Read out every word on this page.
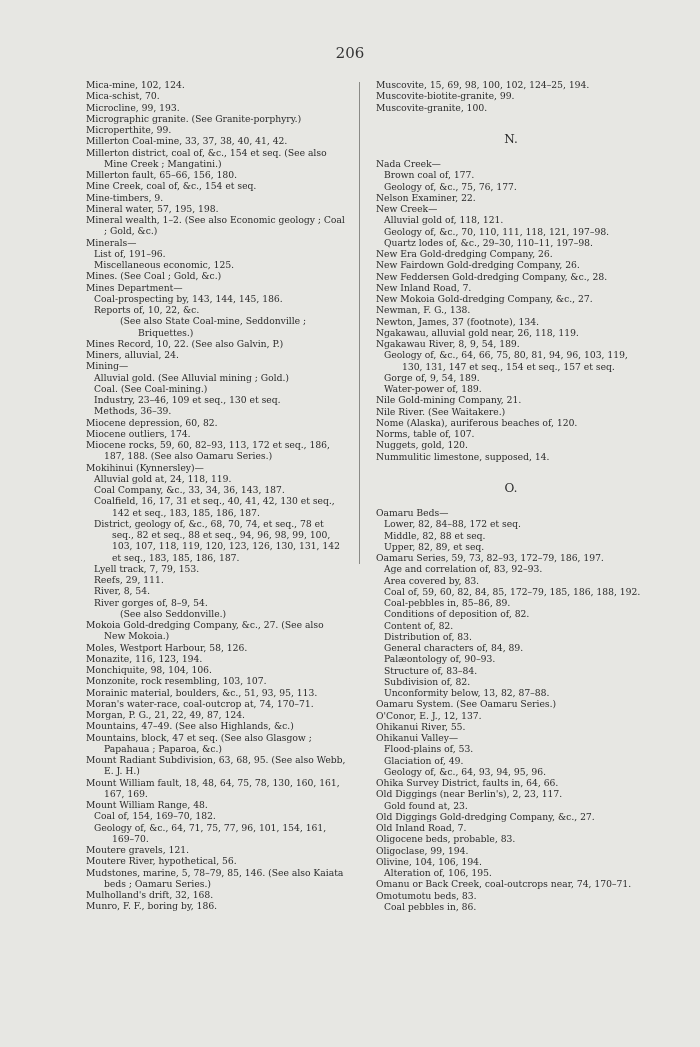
206
Mica-mine, 102, 124.
Mica-schist, 70.
Microcline, 99, 193.
Micrographic granite. (See Granite-porphyry.)
Microperthite, 99.
Millerton Coal-mine, 33, 37, 38, 40, 41, 42.
Millerton district, coal of, &c., 154 et seq. (See also Mine Creek ; Mangatini.)
Millerton fault, 65–66, 156, 180.
Mine Creek, coal of, &c., 154 et seq.
Mine-timbers, 9.
Mineral water, 57, 195, 198.
Mineral wealth, 1–2. (See also Economic geology ; Coal ; Gold, &c.)
Minerals—
List of, 191–96.
Miscellaneous economic, 125.
Mines. (See Coal ; Gold, &c.)
Mines Department—
Coal-prospecting by, 143, 144, 145, 186.
Reports of, 10, 22, &c.
(See also State Coal-mine, Seddonville ; Briquettes.)
Mines Record, 10, 22. (See also Galvin, P.)
Miners, alluvial, 24.
Mining—
Alluvial gold. (See Alluvial mining ; Gold.)
Coal. (See Coal-mining.)
Industry, 23–46, 109 et seq., 130 et seq.
Methods, 36–39.
Miocene depression, 60, 82.
Miocene outliers, 174.
Miocene rocks, 59, 60, 82–93, 113, 172 et seq., 186, 187, 188. (See also Oamaru Series.)
Mokihinui (Kynnersley)—
Alluvial gold at, 24, 118, 119.
Coal Company, &c., 33, 34, 36, 143, 187.
Coalfield, 16, 17, 31 et seq., 40, 41, 42, 130 et seq., 142 et seq., 183, 185, 186, 187.
District, geology of, &c., 68, 70, 74, et seq., 78 et seq., 82 et seq., 88 et seq., 94, 96, 98, 99, 100, 103, 107, 118, 119, 120, 123, 126, 130, 131, 142 et seq., 183, 185, 186, 187.
Lyell track, 7, 79, 153.
Reefs, 29, 111.
River, 8, 54.
River gorges of, 8–9, 54.
(See also Seddonville.)
Mokoia Gold-dredging Company, &c., 27. (See also New Mokoia.)
Moles, Westport Harbour, 58, 126.
Monazite, 116, 123, 194.
Monchiquite, 98, 104, 106.
Monzonite, rock resembling, 103, 107.
Morainic material, boulders, &c., 51, 93, 95, 113.
Moran's water-race, coal-outcrop at, 74, 170–71.
Morgan, P. G., 21, 22, 49, 87, 124.
Mountains, 47–49. (See also Highlands, &c.)
Mountains, block, 47 et seq. (See also Glasgow ; Papahaua ; Paparoa, &c.)
Mount Radiant Subdivision, 63, 68, 95. (See also Webb, E. J. H.)
Mount William fault, 18, 48, 64, 75, 78, 130, 160, 161, 167, 169.
Mount William Range, 48.
Coal of, 154, 169–70, 182.
Geology of, &c., 64, 71, 75, 77, 96, 101, 154, 161, 169–70.
Moutere gravels, 121.
Moutere River, hypothetical, 56.
Mudstones, marine, 5, 78–79, 85, 146. (See also Kaiata beds ; Oamaru Series.)
Mulholland's drift, 32, 168.
Munro, F. F., boring by, 186.
Muscovite, 15, 69, 98, 100, 102, 124–25, 194.
Muscovite-biotite-granite, 99.
Muscovite-granite, 100.
N.
Nada Creek—
Brown coal of, 177.
Geology of, &c., 75, 76, 177.
Nelson Examiner, 22.
New Creek—
Alluvial gold of, 118, 121.
Geology of, &c., 70, 110, 111, 118, 121, 197–98.
Quartz lodes of, &c., 29–30, 110–11, 197–98.
New Era Gold-dredging Company, 26.
New Fairdown Gold-dredging Company, 26.
New Feddersen Gold-dredging Company, &c., 28.
New Inland Road, 7.
New Mokoia Gold-dredging Company, &c., 27.
Newman, F. G., 138.
Newton, James, 37 (footnote), 134.
Ngakawau, alluvial gold near, 26, 118, 119.
Ngakawau River, 8, 9, 54, 189.
Geology of, &c., 64, 66, 75, 80, 81, 94, 96, 103, 119, 130, 131, 147 et seq., 154 et seq., 157 et seq.
Gorge of, 9, 54, 189.
Water-power of, 189.
Nile Gold-mining Company, 21.
Nile River. (See Waitakere.)
Nome (Alaska), auriferous beaches of, 120.
Norms, table of, 107.
Nuggets, gold, 120.
Nummulitic limestone, supposed, 14.
O.
Oamaru Beds—
Lower, 82, 84–88, 172 et seq.
Middle, 82, 88 et seq.
Upper, 82, 89, et seq.
Oamaru Series, 59, 73, 82–93, 172–79, 186, 197.
Age and correlation of, 83, 92–93.
Area covered by, 83.
Coal of, 59, 60, 82, 84, 85, 172–79, 185, 186, 188, 192.
Coal-pebbles in, 85–86, 89.
Conditions of deposition of, 82.
Content of, 82.
Distribution of, 83.
General characters of, 84, 89.
Palæontology of, 90–93.
Structure of, 83–84.
Subdivision of, 82.
Unconformity below, 13, 82, 87–88.
Oamaru System. (See Oamaru Series.)
O'Conor, E. J., 12, 137.
Ohikanui River, 55.
Ohikanui Valley—
Flood-plains of, 53.
Glaciation of, 49.
Geology of, &c., 64, 93, 94, 95, 96.
Ohika Survey District, faults in, 64, 66.
Old Diggings (near Berlin's), 2, 23, 117.
Gold found at, 23.
Old Diggings Gold-dredging Company, &c., 27.
Old Inland Road, 7.
Oligocene beds, probable, 83.
Oligoclase, 99, 194.
Olivine, 104, 106, 194.
Alteration of, 106, 195.
Omanu or Back Creek, coal-outcrops near, 74, 170–71.
Omotumotu beds, 83.
Coal pebbles in, 86.
